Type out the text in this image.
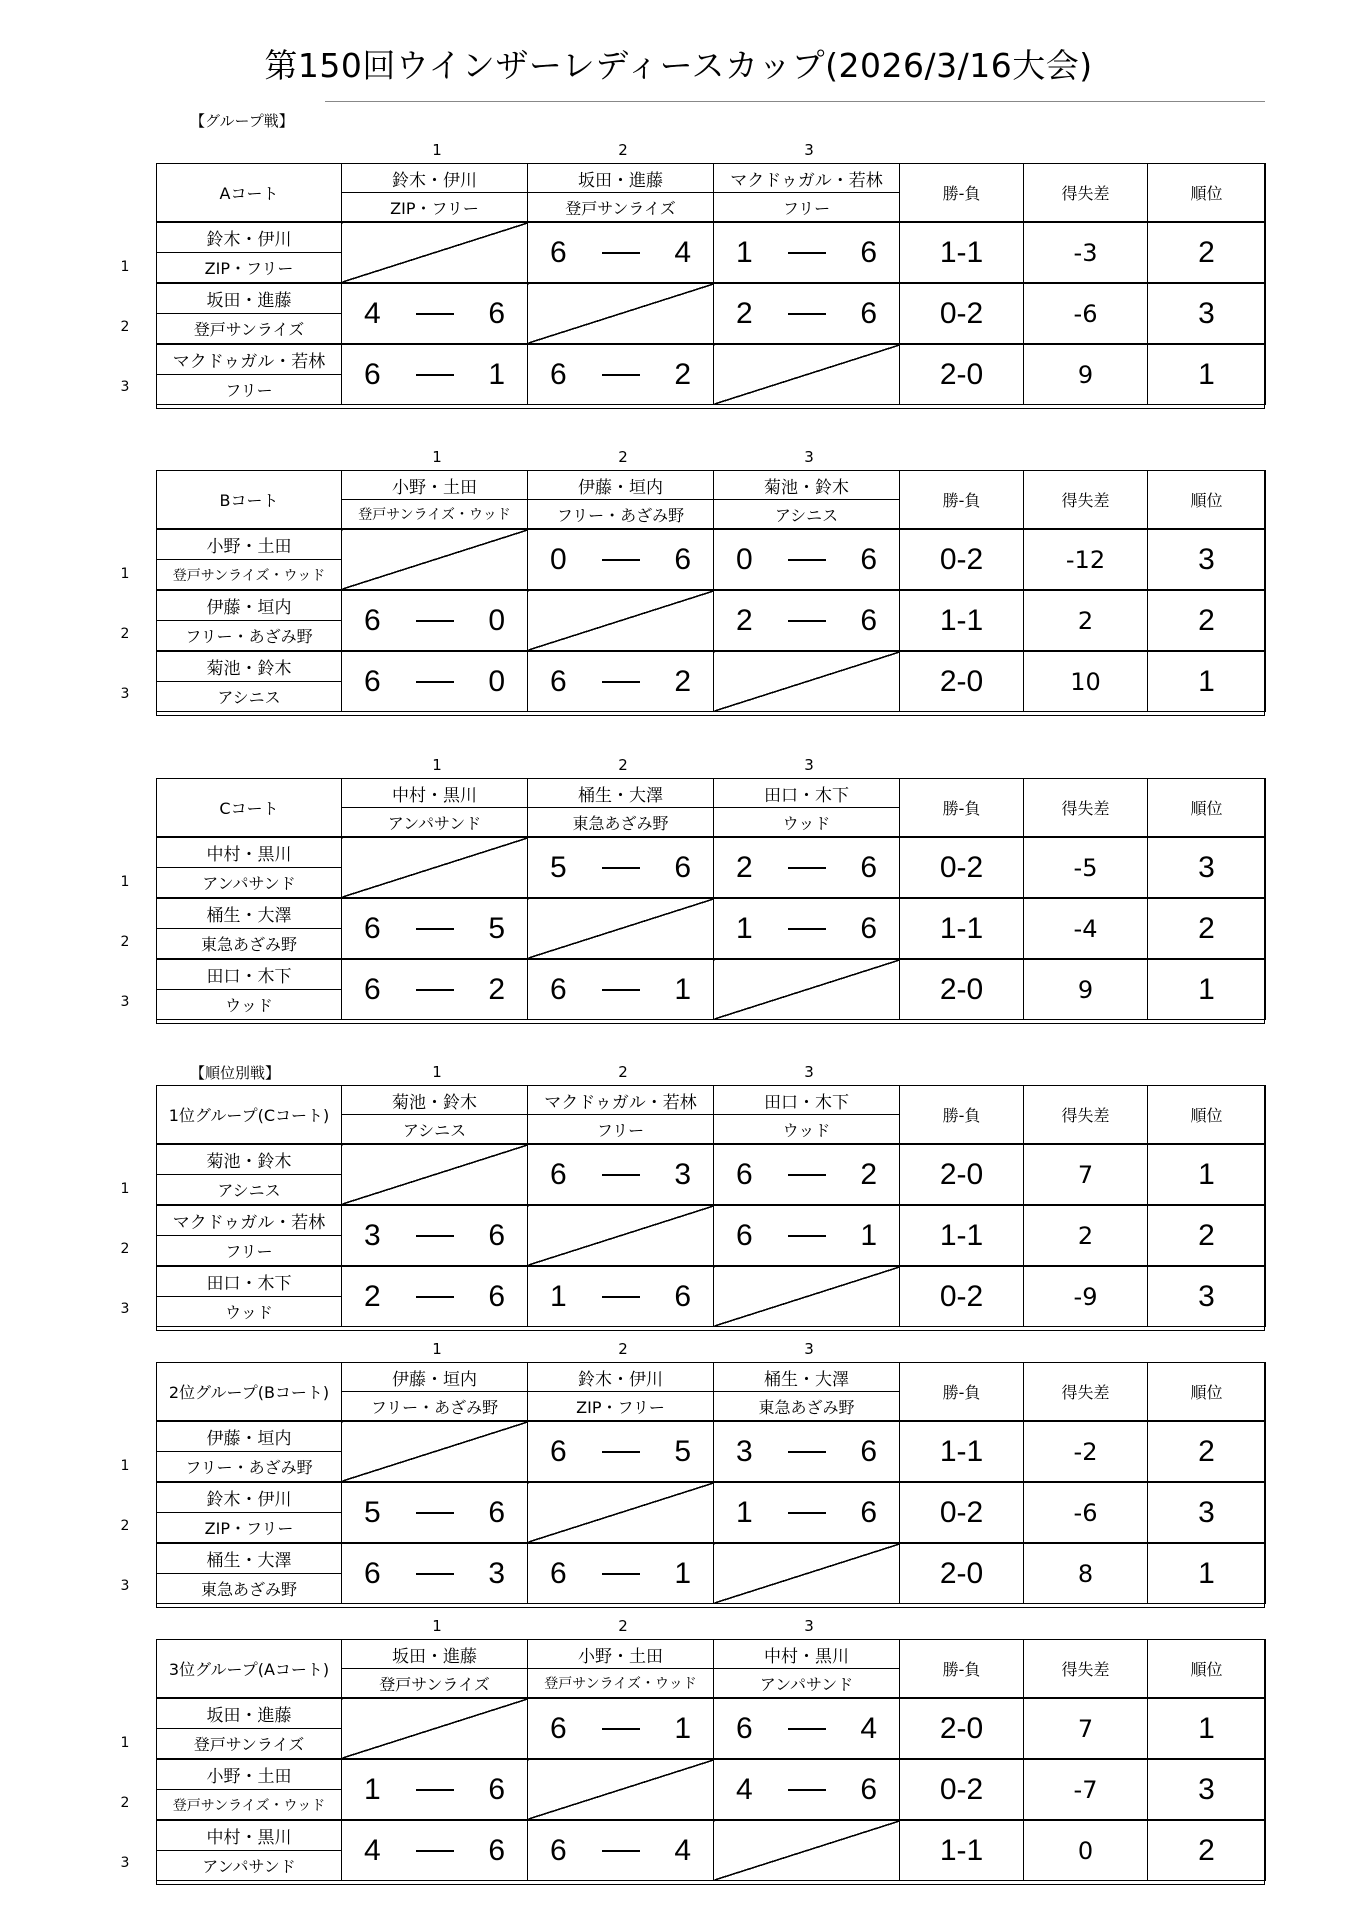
第150回ウインザーレディースカップ(2026/3/16大会)
【グループ戦】
【順位別戦】
1	2	3
1
2
3
Aコート	鈴木・伊川	坂田・進藤	マクドゥガル・若林	勝-負	得失差	順位
	ZIP・フリー	登戸サンライズ	フリー			
鈴木・伊川		6 4	1 6	1-1	-3	2
ZIP・フリー						
坂田・進藤	4 6		2 6	0-2	-6	3
登戸サンライズ						
マクドゥガル・若林	6 1	6 2		2-0	9	1
フリー						
1	2	3
1
2
3
Bコート	小野・土田	伊藤・垣内	菊池・鈴木	勝-負	得失差	順位
	登戸サンライズ・ウッド	フリー・あざみ野	アシニス			
小野・土田		0 6	0 6	0-2	-12	3
登戸サンライズ・ウッド						
伊藤・垣内	6 0		2 6	1-1	2	2
フリー・あざみ野						
菊池・鈴木	6 0	6 2		2-0	10	1
アシニス						
1	2	3
1
2
3
Cコート	中村・黒川	桶生・大澤	田口・木下	勝-負	得失差	順位
	アンパサンド	東急あざみ野	ウッド			
中村・黒川		5 6	2 6	0-2	-5	3
アンパサンド						
桶生・大澤	6 5		1 6	1-1	-4	2
東急あざみ野						
田口・木下	6 2	6 1		2-0	9	1
ウッド						
1	2	3
1
2
3
1位グループ(Cコート)	菊池・鈴木	マクドゥガル・若林	田口・木下	勝-負	得失差	順位
	アシニス	フリー	ウッド			
菊池・鈴木		6 3	6 2	2-0	7	1
アシニス						
マクドゥガル・若林	3 6		6 1	1-1	2	2
フリー						
田口・木下	2 6	1 6		0-2	-9	3
ウッド						
1	2	3
1
2
3
2位グループ(Bコート)	伊藤・垣内	鈴木・伊川	桶生・大澤	勝-負	得失差	順位
	フリー・あざみ野	ZIP・フリー	東急あざみ野			
伊藤・垣内		6 5	3 6	1-1	-2	2
フリー・あざみ野						
鈴木・伊川	5 6		1 6	0-2	-6	3
ZIP・フリー						
桶生・大澤	6 3	6 1		2-0	8	1
東急あざみ野						
1	2	3
1
2
3
3位グループ(Aコート)	坂田・進藤	小野・土田	中村・黒川	勝-負	得失差	順位
	登戸サンライズ	登戸サンライズ・ウッド	アンパサンド			
坂田・進藤		6 1	6 4	2-0	7	1
登戸サンライズ						
小野・土田	1 6		4 6	0-2	-7	3
登戸サンライズ・ウッド						
中村・黒川	4 6	6 4		1-1	0	2
アンパサンド						
